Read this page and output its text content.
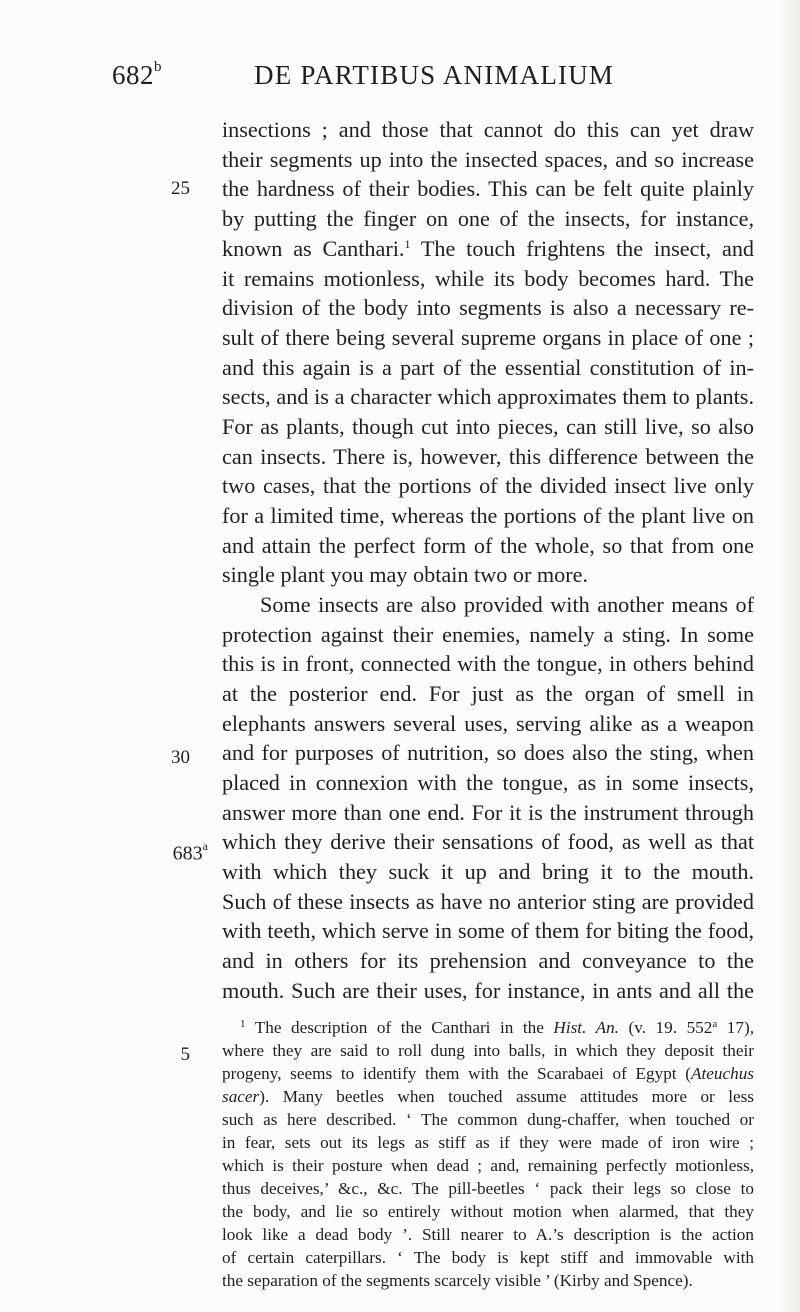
682$^b$	DE PARTIBUS ANIMALIUM
25
30
683$^a$
5
insections ; and those that cannot do this can yet draw
their segments up into the insected spaces, and so increase
the hardness of their bodies. This can be felt quite plainly
by putting the finger on one of the insects, for instance,
known as Canthari.$^1$ The touch frightens the insect, and
it remains motionless, while its body becomes hard. The
division of the body into segments is also a necessary re-
sult of there being several supreme organs in place of one ;
and this again is a part of the essential constitution of in-
sects, and is a character which approximates them to plants.
For as plants, though cut into pieces, can still live, so also
can insects. There is, however, this difference between the
two cases, that the portions of the divided insect live only
for a limited time, whereas the portions of the plant live on
and attain the perfect form of the whole, so that from one
single plant you may obtain two or more.
Some insects are also provided with another means of
protection against their enemies, namely a sting. In some
this is in front, connected with the tongue, in others behind
at the posterior end. For just as the organ of smell in
elephants answers several uses, serving alike as a weapon
and for purposes of nutrition, so does also the sting, when
placed in connexion with the tongue, as in some insects,
answer more than one end. For it is the instrument through
which they derive their sensations of food, as well as that
with which they suck it up and bring it to the mouth.
Such of these insects as have no anterior sting are provided
with teeth, which serve in some of them for biting the food,
and in others for its prehension and conveyance to the
mouth. Such are their uses, for instance, in ants and all the
$^1$ The description of the Canthari in the Hist. An. (v. 19. 552$^a$ 17),
where they are said to roll dung into balls, in which they deposit their
progeny, seems to identify them with the Scarabaei of Egypt (Ateuchus
sacer). Many beetles when touched assume attitudes more or less
such as here described. ‘ The common dung-chaffer, when touched or
in fear, sets out its legs as stiff as if they were made of iron wire ;
which is their posture when dead ; and, remaining perfectly motionless,
thus deceives,’ &c., &c. The pill-beetles ‘ pack their legs so close to
the body, and lie so entirely without motion when alarmed, that they
look like a dead body ’. Still nearer to A.’s description is the action
of certain caterpillars. ‘ The body is kept stiff and immovable with
the separation of the segments scarcely visible ’ (Kirby and Spence).
